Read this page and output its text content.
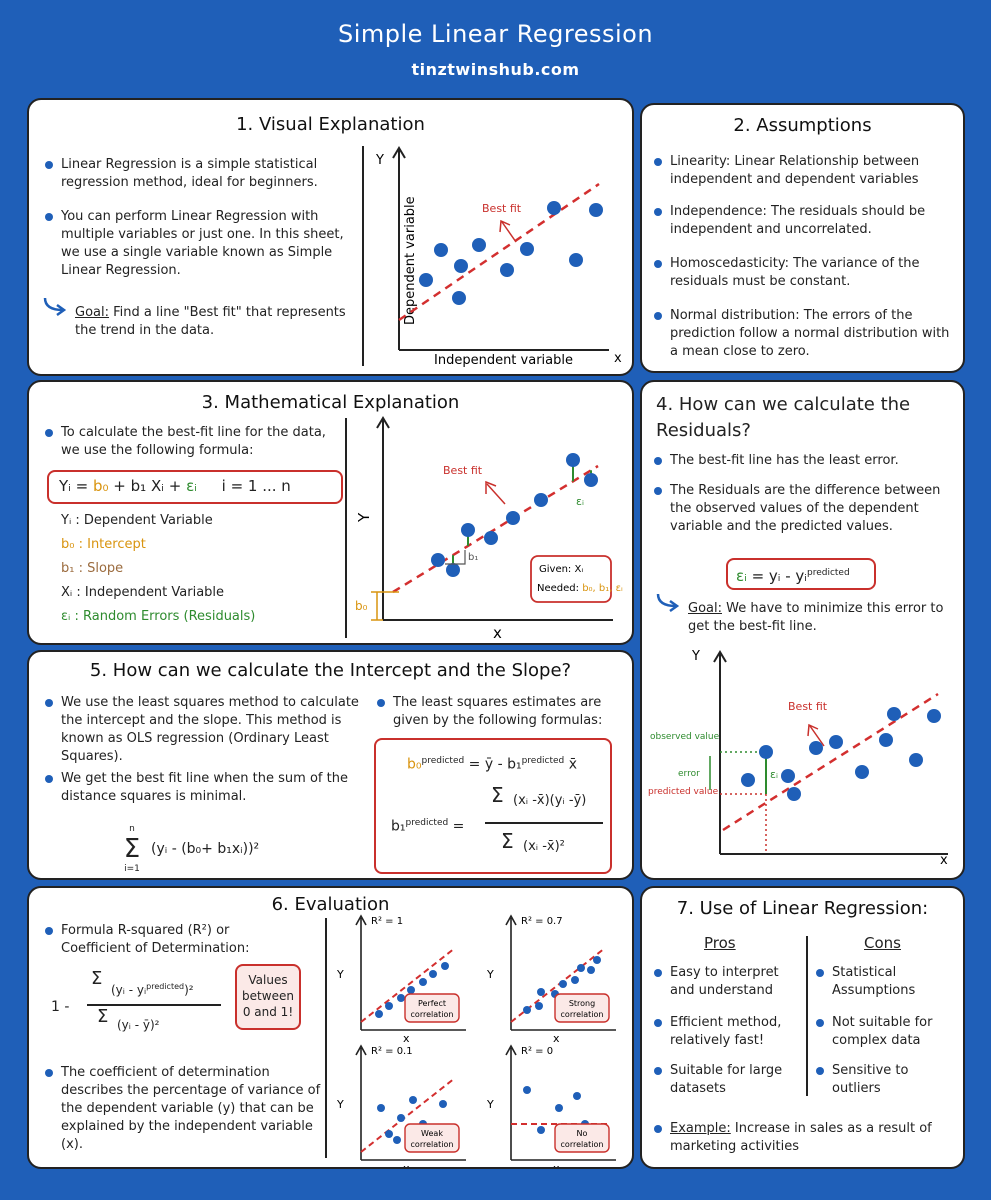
Simple Linear Regression
tinztwinshub.com
1. Visual Explanation
Linear Regression is a simple statistical regression method, ideal for beginners.
You can perform Linear Regression with multiple variables or just one. In this sheet, we use a single variable known as Simple Linear Regression.
Goal: Find a line "Best fit" that represents the trend in the data.
Y
x
Dependent variable
Independent variable
Best fit
2. Assumptions
Linearity: Linear Relationship between independent and dependent variables
Independence: The residuals should be independent and uncorrelated.
Homoscedasticity: The variance of the residuals must be constant.
Normal distribution: The errors of the prediction follow a normal distribution with a mean close to zero.
3. Mathematical Explanation
To calculate the best-fit line for the data, we use the following formula:
Yᵢ = b₀ + b₁ Xᵢ + εᵢ i = 1 ... n
Yᵢ : Dependent Variable
b₀ : Intercept
b₁ : Slope
Xᵢ : Independent Variable
εᵢ : Random Errors (Residuals)
Y
x
Best fit
b₁
εᵢ
b₀
Given: Xᵢ
Needed: b₀, b₁, εᵢ
4. How can we calculate the Residuals?
The best-fit line has the least error.
The Residuals are the difference between the observed values of the dependent variable and the predicted values.
εᵢ = yᵢ - yᵢ$^{predicted}$
Goal: We have to minimize this error to get the best-fit line.
Y
x
Best fit
observed value
error
predicted value
εᵢ
5. How can we calculate the Intercept and the Slope?
We use the least squares method to calculate the intercept and the slope. This method is known as OLS regression (Ordinary Least Squares).
We get the best fit line when the sum of the distance squares is minimal.
n
Σ
i=1
(yᵢ - (b₀+ b₁xᵢ))²
The least squares estimates are given by the following formulas:
b₀$^{predicted}$ = ȳ - b₁$^{predicted}$ x̄
b₁$^{predicted}$ =
Σ (xᵢ -x̄)(yᵢ -ȳ)
Σ (xᵢ -x̄)²
6. Evaluation
Formula R-squared (R²) or Coefficient of Determination:
1 -
Σ
(yᵢ - yᵢ$^{predicted}$)²
Σ (yᵢ - ȳ)²
Values between 0 and 1!
The coefficient of determination describes the percentage of variance of the dependent variable (y) that can be explained by the independent variable (x).
R² = 1
Y
x
Perfect
correlation
R² = 0.7
Y
x
Strong
correlation
R² = 0.1
Y
x
Weak
correlation
R² = 0
Y
x
No
correlation
7. Use of Linear Regression:
Pros	Cons
Easy to interpret and understand
Efficient method, relatively fast!
Suitable for large datasets
Statistical Assumptions
Not suitable for complex data
Sensitive to outliers
Example: Increase in sales as a result of marketing activities
